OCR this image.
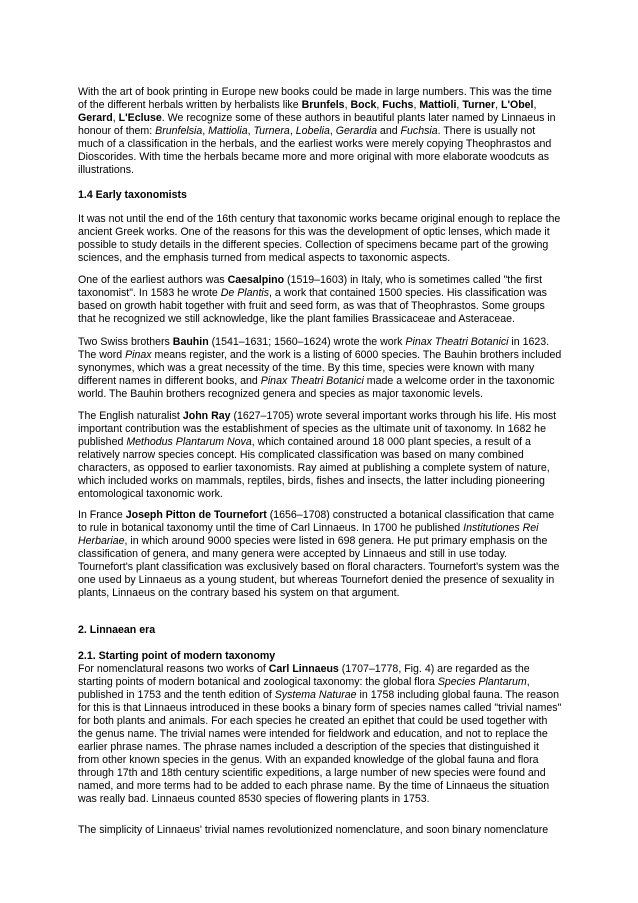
With the art of book printing in Europe new books could be made in large numbers. This was the time of the different herbals written by herbalists like Brunfels, Bock, Fuchs, Mattioli, Turner, L'Obel, Gerard, L'Ecluse. We recognize some of these authors in beautiful plants later named by Linnaeus in honour of them: Brunfelsia, Mattiolia, Turnera, Lobelia, Gerardia and Fuchsia. There is usually not much of a classification in the herbals, and the earliest works were merely copying Theophrastos and Dioscorides. With time the herbals became more and more original with more elaborate woodcuts as illustrations.

1.4 Early taxonomists

It was not until the end of the 16th century that taxonomic works became original enough to replace the ancient Greek works. One of the reasons for this was the development of optic lenses, which made it possible to study details in the different species. Collection of specimens became part of the growing sciences, and the emphasis turned from medical aspects to taxonomic aspects.

One of the earliest authors was Caesalpino (1519–1603) in Italy, who is sometimes called "the first taxonomist". In 1583 he wrote De Plantis, a work that contained 1500 species. His classification was based on growth habit together with fruit and seed form, as was that of Theophrastos. Some groups that he recognized we still acknowledge, like the plant families Brassicaceae and Asteraceae.

Two Swiss brothers Bauhin (1541–1631; 1560–1624) wrote the work Pinax Theatri Botanici in 1623. The word Pinax means register, and the work is a listing of 6000 species. The Bauhin brothers included synonymes, which was a great necessity of the time. By this time, species were known with many different names in different books, and Pinax Theatri Botanici made a welcome order in the taxonomic world. The Bauhin brothers recognized genera and species as major taxonomic levels.

The English naturalist John Ray (1627–1705) wrote several important works through his life. His most important contribution was the establishment of species as the ultimate unit of taxonomy. In 1682 he published Methodus Plantarum Nova, which contained around 18 000 plant species, a result of a relatively narrow species concept. His complicated classification was based on many combined characters, as opposed to earlier taxonomists. Ray aimed at publishing a complete system of nature, which included works on mammals, reptiles, birds, fishes and insects, the latter including pioneering entomological taxonomic work.

In France Joseph Pitton de Tournefort (1656–1708) constructed a botanical classification that came to rule in botanical taxonomy until the time of Carl Linnaeus. In 1700 he published Institutiones Rei Herbariae, in which around 9000 species were listed in 698 genera. He put primary emphasis on the classification of genera, and many genera were accepted by Linnaeus and still in use today. Tournefort's plant classification was exclusively based on floral characters. Tournefort's system was the one used by Linnaeus as a young student, but whereas Tournefort denied the presence of sexuality in plants, Linnaeus on the contrary based his system on that argument.

2. Linnaean era

2.1. Starting point of modern taxonomy

For nomenclatural reasons two works of Carl Linnaeus (1707–1778, Fig. 4) are regarded as the starting points of modern botanical and zoological taxonomy: the global flora Species Plantarum, published in 1753 and the tenth edition of Systema Naturae in 1758 including global fauna. The reason for this is that Linnaeus introduced in these books a binary form of species names called "trivial names" for both plants and animals. For each species he created an epithet that could be used together with the genus name. The trivial names were intended for fieldwork and education, and not to replace the earlier phrase names. The phrase names included a description of the species that distinguished it from other known species in the genus. With an expanded knowledge of the global fauna and flora through 17th and 18th century scientific expeditions, a large number of new species were found and named, and more terms had to be added to each phrase name. By the time of Linnaeus the situation was really bad. Linnaeus counted 8530 species of flowering plants in 1753.

The simplicity of Linnaeus' trivial names revolutionized nomenclature, and soon binary nomenclature
